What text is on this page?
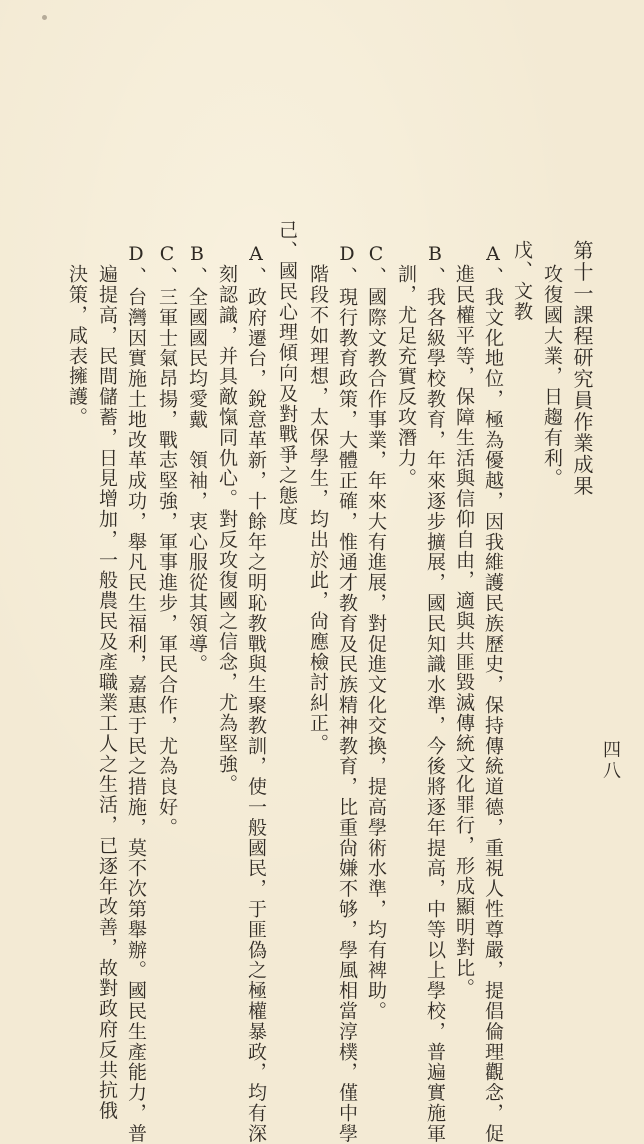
第十一課程研究員作業成果
四八
攻復國大業，日趨有利。
戊、文教
A、我文化地位，極為優越，因我維護民族歷史，保持傳統道德，重視人性尊嚴，提倡倫理觀念，促
進民權平等，保障生活與信仰自由，適與共匪毀滅傳統文化罪行，形成顯明對比。
B、我各級學校教育，年來逐步擴展，國民知識水準，今後將逐年提高，中等以上學校，普遍實施軍
訓，尤足充實反攻潛力。
C、國際文教合作事業，年來大有進展，對促進文化交換，提高學術水準，均有裨助。
D、現行教育政策，大體正確，惟通才教育及民族精神教育，比重尙嫌不够，學風相當淳樸，僅中學
階段不如理想，太保學生，均出於此，尙應檢討糾正。
己、國民心理傾向及對戰爭之態度
A、政府遷台，銳意革新，十餘年之明恥教戰與生聚教訓，使一般國民，于匪偽之極權暴政，均有深
刻認識，并具敵愾同仇心。對反攻復國之信念，尤為堅強。
B、全國國民均愛戴　領袖，衷心服從其領導。
C、三軍士氣昂揚，戰志堅強，軍事進步，軍民合作，尤為良好。
D、台灣因實施土地改革成功，舉凡民生福利，嘉惠于民之措施，莫不次第舉辦。國民生產能力，普
遍提高，民間儲蓄，日見增加，一般農民及產職業工人之生活，已逐年改善，故對政府反共抗俄
決策，咸表擁護。
